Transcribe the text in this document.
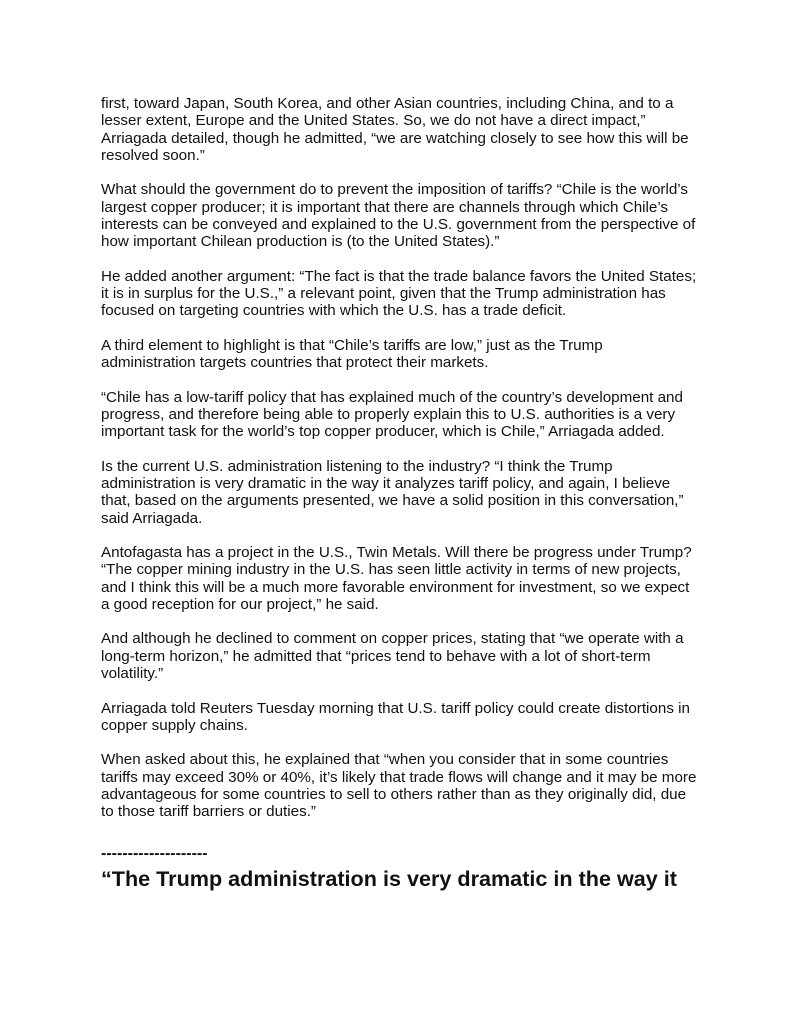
first, toward Japan, South Korea, and other Asian countries, including China, and to a lesser extent, Europe and the United States. So, we do not have a direct impact,” Arriagada detailed, though he admitted, “we are watching closely to see how this will be resolved soon.”

What should the government do to prevent the imposition of tariffs? “Chile is the world’s largest copper producer; it is important that there are channels through which Chile’s interests can be conveyed and explained to the U.S. government from the perspective of how important Chilean production is (to the United States).”

He added another argument: “The fact is that the trade balance favors the United States; it is in surplus for the U.S.,” a relevant point, given that the Trump administration has focused on targeting countries with which the U.S. has a trade deficit.

A third element to highlight is that “Chile’s tariffs are low,” just as the Trump administration targets countries that protect their markets.

“Chile has a low-tariff policy that has explained much of the country’s development and progress, and therefore being able to properly explain this to U.S. authorities is a very important task for the world’s top copper producer, which is Chile,” Arriagada added.

Is the current U.S. administration listening to the industry? “I think the Trump administration is very dramatic in the way it analyzes tariff policy, and again, I believe that, based on the arguments presented, we have a solid position in this conversation,” said Arriagada.

Antofagasta has a project in the U.S., Twin Metals. Will there be progress under Trump? “The copper mining industry in the U.S. has seen little activity in terms of new projects, and I think this will be a much more favorable environment for investment, so we expect a good reception for our project,” he said.

And although he declined to comment on copper prices, stating that “we operate with a long-term horizon,” he admitted that “prices tend to behave with a lot of short-term volatility.”

Arriagada told Reuters Tuesday morning that U.S. tariff policy could create distortions in copper supply chains.

When asked about this, he explained that “when you consider that in some countries tariffs may exceed 30% or 40%, it’s likely that trade flows will change and it may be more advantageous for some countries to sell to others rather than as they originally did, due to those tariff barriers or duties.”

--------------------
“The Trump administration is very dramatic in the way it
